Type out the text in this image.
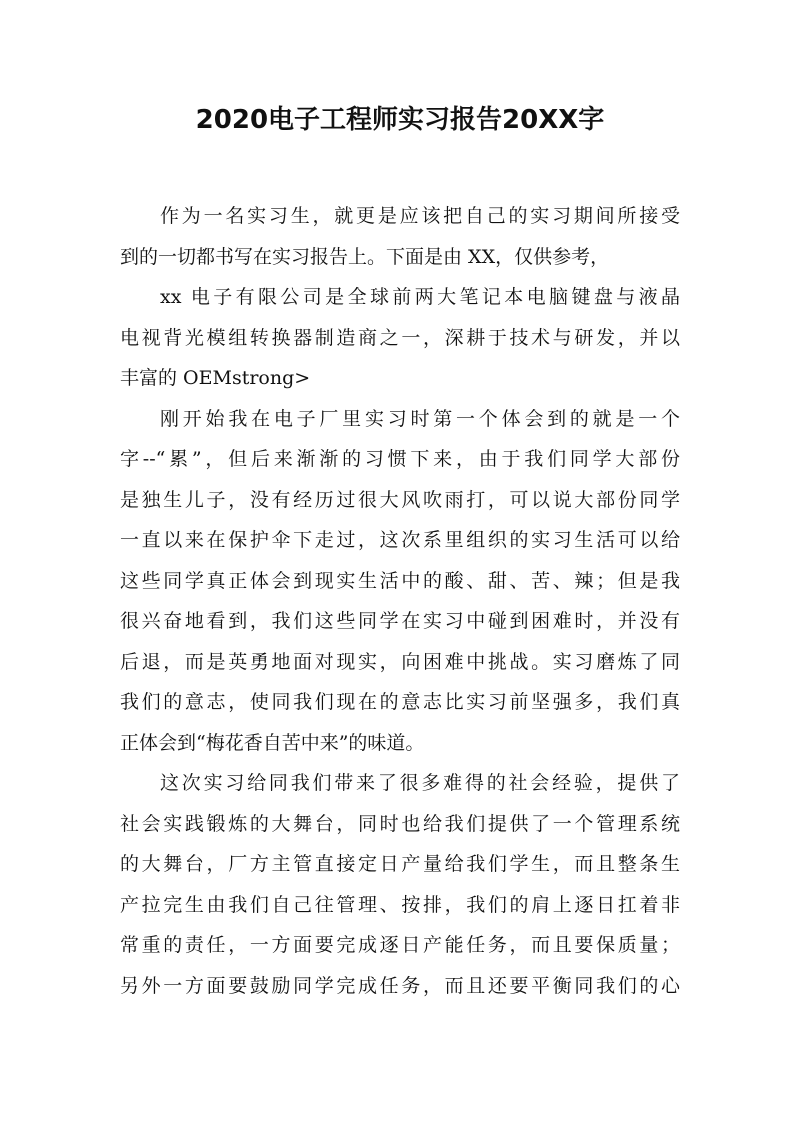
2020电子工程师实习报告20XX字
作为一名实习生，就更是应该把自己的实习期间所接受
到的一切都书写在实习报告上。下面是由 XX，仅供参考，
xx 电子有限公司是全球前两大笔记本电脑键盘与液晶
电视背光模组转换器制造商之一，深耕于技术与研发，并以
丰富的 OEMstrong>
刚开始我在电子厂里实习时第一个体会到的就是一个
字--“累”，但后来渐渐的习惯下来，由于我们同学大部份
是独生儿子，没有经历过很大风吹雨打，可以说大部份同学
一直以来在保护伞下走过，这次系里组织的实习生活可以给
这些同学真正体会到现实生活中的酸、甜、苦、辣；但是我
很兴奋地看到，我们这些同学在实习中碰到困难时，并没有
后退，而是英勇地面对现实，向困难中挑战。实习磨炼了同
我们的意志，使同我们现在的意志比实习前坚强多，我们真
正体会到“梅花香自苦中来”的味道。
这次实习给同我们带来了很多难得的社会经验，提供了
社会实践锻炼的大舞台，同时也给我们提供了一个管理系统
的大舞台，厂方主管直接定日产量给我们学生，而且整条生
产拉完生由我们自己往管理、按排，我们的肩上逐日扛着非
常重的责任，一方面要完成逐日产能任务，而且要保质量；
另外一方面要鼓励同学完成任务，而且还要平衡同我们的心
